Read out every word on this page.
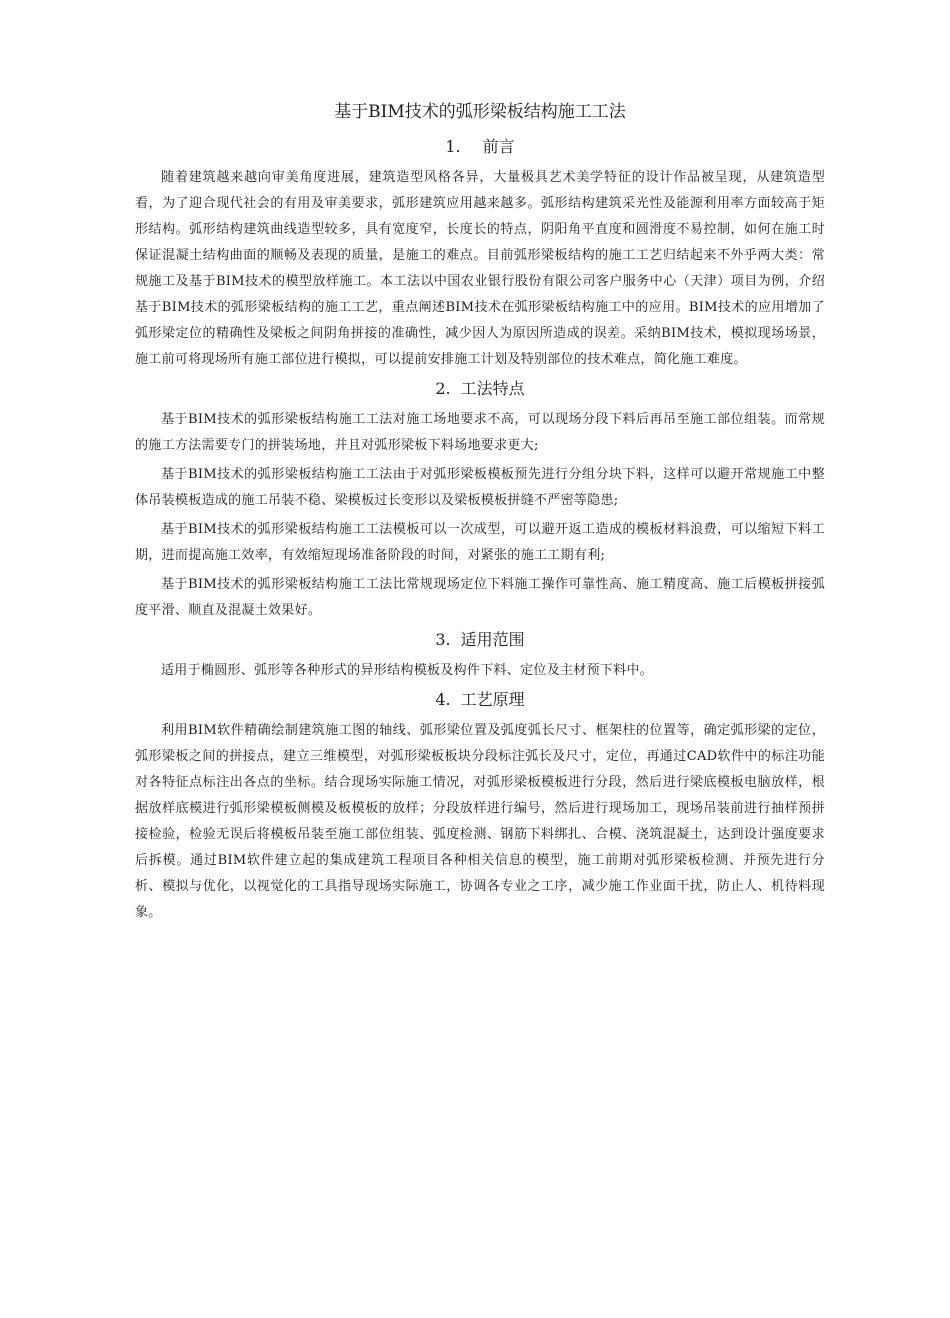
基于BIM技术的弧形梁板结构施工工法
1. 前言

随着建筑越来越向审美角度进展，建筑造型风格各异，大量极具艺术美学特征的设计作品被呈现，从建筑造型看，为了迎合现代社会的有用及审美要求，弧形建筑应用越来越多。弧形结构建筑采光性及能源利用率方面较高于矩形结构。弧形结构建筑曲线造型较多，具有宽度窄，长度长的特点，阴阳角平直度和圆滑度不易控制，如何在施工时保证混凝土结构曲面的顺畅及表现的质量，是施工的难点。目前弧形梁板结构的施工工艺归结起来不外乎两大类：常规施工及基于BIM技术的模型放样施工。本工法以中国农业银行股份有限公司客户服务中心（天津）项目为例，介绍基于BIM技术的弧形梁板结构的施工工艺，重点阐述BIM技术在弧形梁板结构施工中的应用。BIM技术的应用增加了弧形梁定位的精确性及梁板之间阴角拼接的准确性，减少因人为原因所造成的误差。采纳BIM技术，模拟现场场景，施工前可将现场所有施工部位进行模拟，可以提前安排施工计划及特别部位的技术难点，简化施工难度。

2. 工法特点

基于BIM技术的弧形梁板结构施工工法对施工场地要求不高，可以现场分段下料后再吊至施工部位组装。而常规的施工方法需要专门的拼装场地，并且对弧形梁板下料场地要求更大;

基于BIM技术的弧形梁板结构施工工法由于对弧形梁板模板预先进行分组分块下料，这样可以避开常规施工中整体吊装模板造成的施工吊装不稳、梁模板过长变形以及梁板模板拼缝不严密等隐患;

基于BIM技术的弧形梁板结构施工工法模板可以一次成型，可以避开返工造成的模板材料浪费，可以缩短下料工期，进而提高施工效率，有效缩短现场准备阶段的时间，对紧张的施工工期有利;

基于BIM技术的弧形梁板结构施工工法比常规现场定位下料施工操作可靠性高、施工精度高、施工后模板拼接弧度平滑、顺直及混凝土效果好。

3. 适用范围

适用于椭圆形、弧形等各种形式的异形结构模板及构件下料、定位及主材预下料中。

4. 工艺原理

利用BIM软件精确绘制建筑施工图的轴线、弧形梁位置及弧度弧长尺寸、框架柱的位置等，确定弧形梁的定位，弧形梁板之间的拼接点，建立三维模型，对弧形梁板板块分段标注弧长及尺寸，定位，再通过CAD软件中的标注功能对各特征点标注出各点的坐标。结合现场实际施工情况，对弧形梁板模板进行分段，然后进行梁底模板电脑放样，根据放样底模进行弧形梁模板侧模及板模板的放样；分段放样进行编号，然后进行现场加工，现场吊装前进行抽样预拼接检验，检验无误后将模板吊装至施工部位组装、弧度检测、钢筋下料绑扎、合模、浇筑混凝土，达到设计强度要求后拆模。通过BIM软件建立起的集成建筑工程项目各种相关信息的模型，施工前期对弧形梁板检测、并预先进行分析、模拟与优化，以视觉化的工具指导现场实际施工，协调各专业之工序，减少施工作业面干扰，防止人、机待料现象。
